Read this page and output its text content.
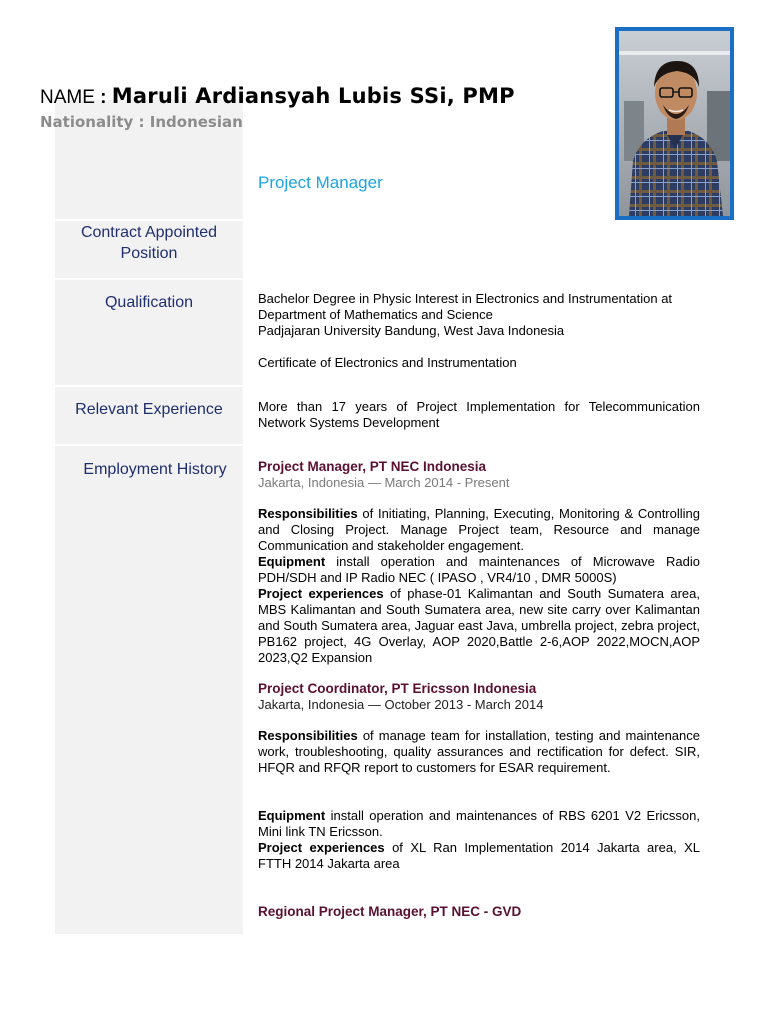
NAME : Maruli Ardiansyah Lubis SSi, PMP
Nationality : Indonesian
Project Manager
Contract Appointed Position
Qualification
Relevant Experience
Employment History
Bachelor Degree in Physic Interest in Electronics and Instrumentation at Department of Mathematics and Science
Padjajaran University Bandung, West Java Indonesia
Certificate of Electronics and Instrumentation
More than 17 years of Project Implementation for Telecommunication Network Systems Development
Project Manager, PT NEC Indonesia
Jakarta, Indonesia — March 2014 - Present
Responsibilities of Initiating, Planning, Executing, Monitoring & Controlling and Closing Project. Manage Project team, Resource and manage Communication and stakeholder engagement.
Equipment install operation and maintenances of Microwave Radio PDH/SDH and IP Radio NEC ( IPASO , VR4/10 , DMR 5000S)
Project experiences of phase-01 Kalimantan and South Sumatera area, MBS Kalimantan and South Sumatera area, new site carry over Kalimantan and South Sumatera area, Jaguar east Java, umbrella project, zebra project, PB162 project, 4G Overlay, AOP 2020,Battle 2-6,AOP 2022,MOCN,AOP 2023,Q2 Expansion
Project Coordinator, PT Ericsson Indonesia
Jakarta, Indonesia — October 2013 - March 2014
Responsibilities of manage team for installation, testing and maintenance work, troubleshooting, quality assurances and rectification for defect. SIR, HFQR and RFQR report to customers for ESAR requirement.
Equipment install operation and maintenances of RBS 6201 V2 Ericsson, Mini link TN Ericsson.
Project experiences of XL Ran Implementation 2014 Jakarta area, XL FTTH 2014 Jakarta area
Regional Project Manager, PT NEC - GVD
